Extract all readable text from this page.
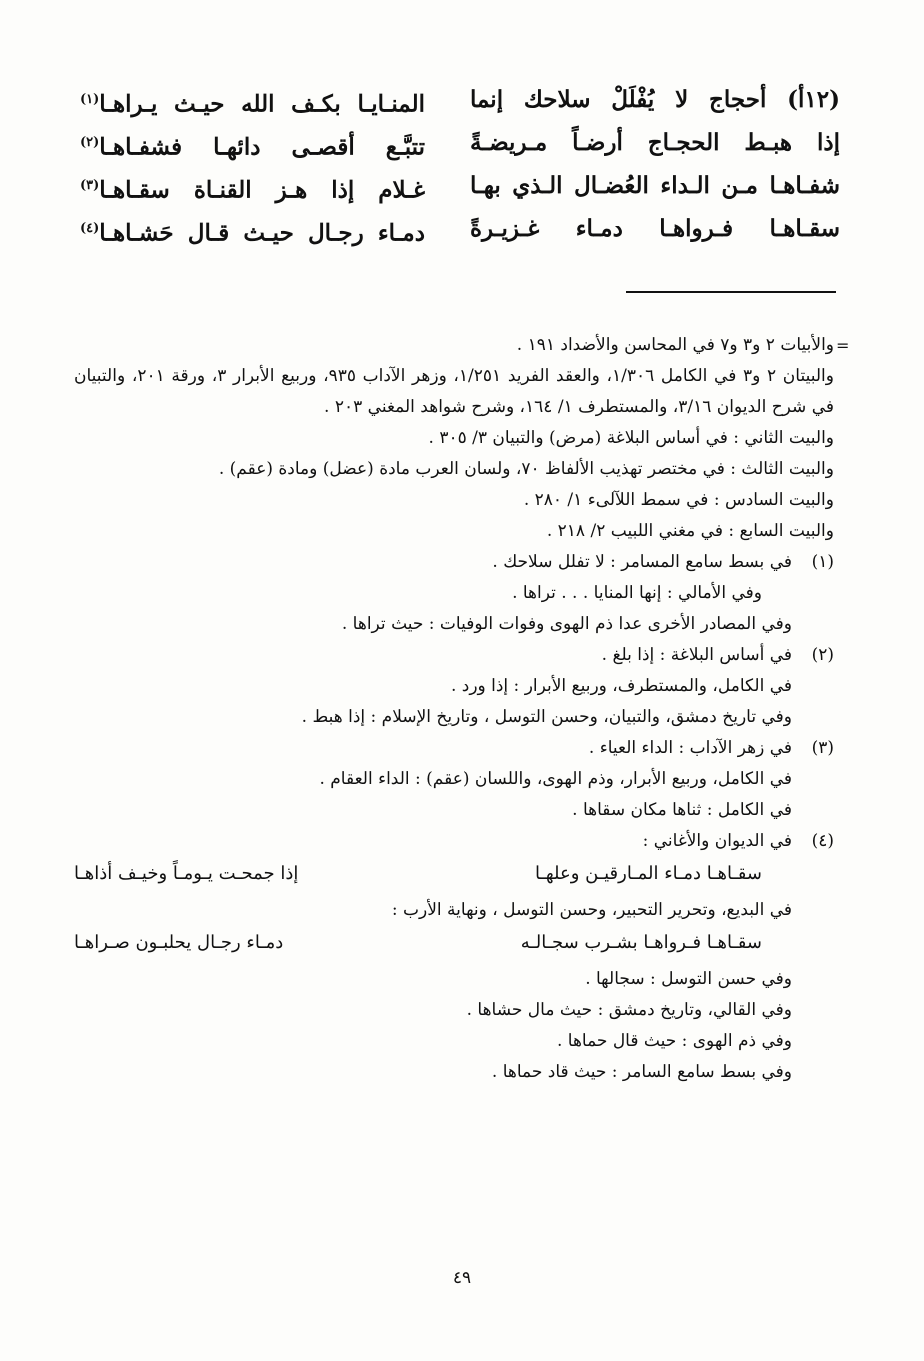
(١٢أ) أحجاج لا يُفْلَلْ سلاحك إنما
المنـايـا بكـف الله حيـث يـراهـا$^{(١)}$
إذا هبـط الحجـاج أرضـاً مـريضـةً
تتبَّـع أقصـى دائهـا فشفـاهـا$^{(٢)}$
شفـاهـا مـن الـداء العُضـال الـذي بهـا
غـلام إذا هـز القنـاة سقـاهـا$^{(٣)}$
سقـاهـا فـرواهـا دمـاء غـزيـرةً
دمـاء رجـال حيـث قـال حَشـاهـا$^{(٤)}$
=
والأبيات ٢ و٣ و٧ في المحاسن والأضداد ١٩١ .
والبيتان ٢ و٣ في الكامل ١/٣٠٦، والعقد الفريد ١/٢٥١، وزهر الآداب ٩٣٥، وربيع الأبرار ٣، ورقة ٢٠١، والتبيان في شرح الديوان ٣/١٦، والمستطرف ١/ ١٦٤، وشرح شواهد المغني ٢٠٣ .
والبيت الثاني : في أساس البلاغة (مرض) والتبيان ٣/ ٣٠٥ .
والبيت الثالث : في مختصر تهذيب الألفاظ ٧٠، ولسان العرب مادة (عضل) ومادة (عقم) .
والبيت السادس : في سمط اللآلىء ١/ ٢٨٠ .
والبيت السابع : في مغني اللبيب ٢/ ٢١٨ .
(١)
في بسط سامع المسامر : لا تفلل سلاحك .
وفي الأمالي : إنها المنايا . . . تراها .
وفي المصادر الأخرى عدا ذم الهوى وفوات الوفيات : حيث تراها .
(٢)
في أساس البلاغة : إذا بلغ .
في الكامل، والمستطرف، وربيع الأبرار : إذا ورد .
وفي تاريخ دمشق، والتبيان، وحسن التوسل ، وتاريخ الإسلام : إذا هبط .
(٣)
في زهر الآداب : الداء العياء .
في الكامل، وربيع الأبرار، وذم الهوى، واللسان (عقم) : الداء العقام .
في الكامل : ثناها مكان سقاها .
(٤)
في الديوان والأغاني :
سقـاهـا دمـاء المـارقيـن وعلهـا
إذا جمحـت يـومـاً وخيـف أذاهـا
في البديع، وتحرير التحبير، وحسن التوسل ، ونهاية الأرب :
سقـاهـا فـرواهـا بشـرب سجـالـه
دمـاء رجـال يحلبـون صـراهـا
وفي حسن التوسل : سجالها .
وفي القالي، وتاريخ دمشق : حيث مال حشاها .
وفي ذم الهوى : حيث قال حماها .
وفي بسط سامع السامر : حيث قاد حماها .
٤٩
